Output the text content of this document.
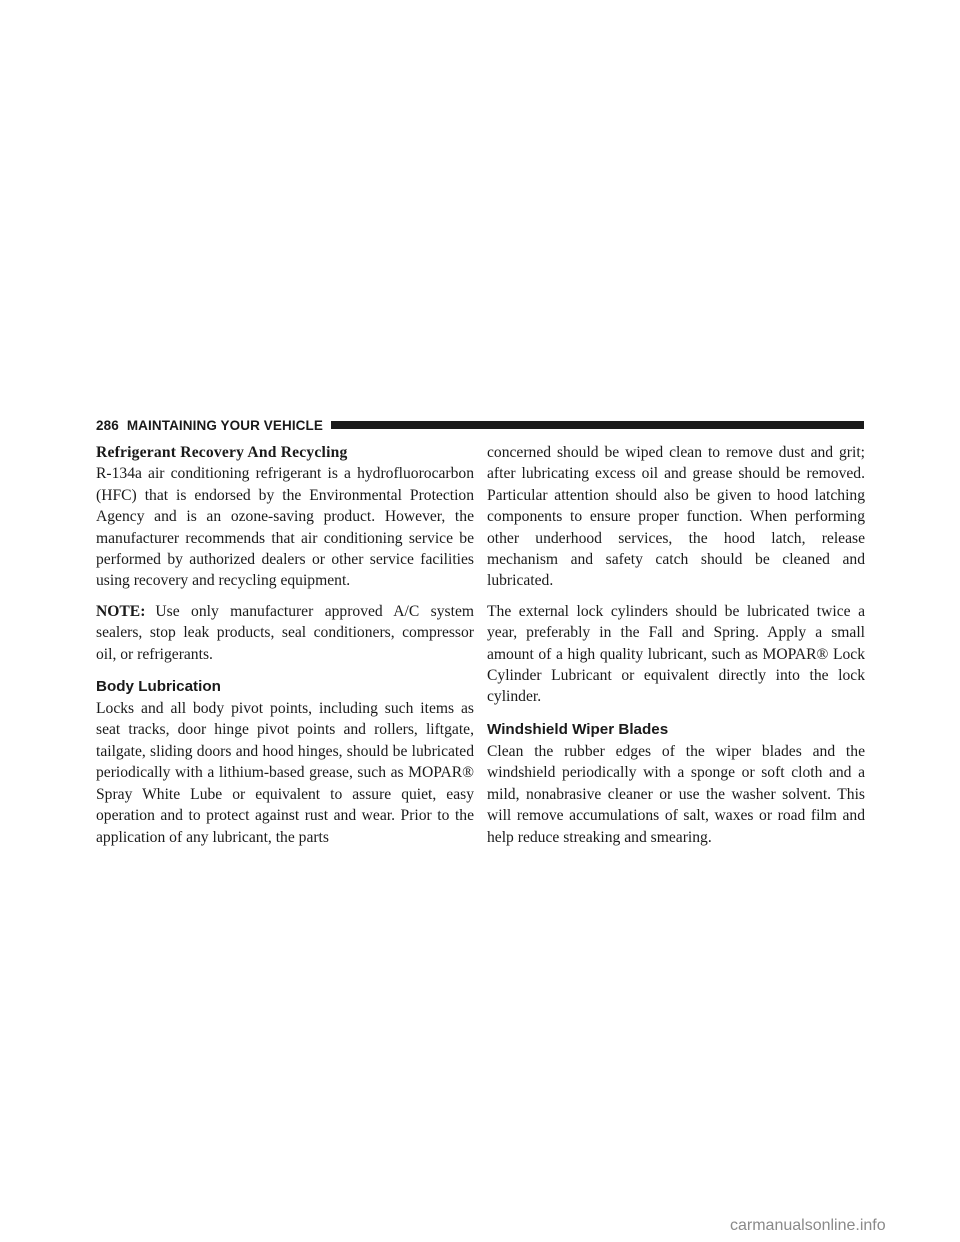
286 MAINTAINING YOUR VEHICLE
Refrigerant Recovery And Recycling

R-134a air conditioning refrigerant is a hydrofluorocarbon (HFC) that is endorsed by the Environmental Protection Agency and is an ozone-saving product. However, the manufacturer recommends that air conditioning service be performed by authorized dealers or other service facilities using recovery and recycling equipment.

NOTE: Use only manufacturer approved A/C system sealers, stop leak products, seal conditioners, compressor oil, or refrigerants.

Body Lubrication

Locks and all body pivot points, including such items as seat tracks, door hinge pivot points and rollers, liftgate, tailgate, sliding doors and hood hinges, should be lubricated periodically with a lithium-based grease, such as MOPAR® Spray White Lube or equivalent to assure quiet, easy operation and to protect against rust and wear. Prior to the application of any lubricant, the parts

concerned should be wiped clean to remove dust and grit; after lubricating excess oil and grease should be removed. Particular attention should also be given to hood latching components to ensure proper function. When performing other underhood services, the hood latch, release mechanism and safety catch should be cleaned and lubricated.

The external lock cylinders should be lubricated twice a year, preferably in the Fall and Spring. Apply a small amount of a high quality lubricant, such as MOPAR® Lock Cylinder Lubricant or equivalent directly into the lock cylinder.

Windshield Wiper Blades

Clean the rubber edges of the wiper blades and the windshield periodically with a sponge or soft cloth and a mild, nonabrasive cleaner or use the washer solvent. This will remove accumulations of salt, waxes or road film and help reduce streaking and smearing.

carmanualsonline.info
